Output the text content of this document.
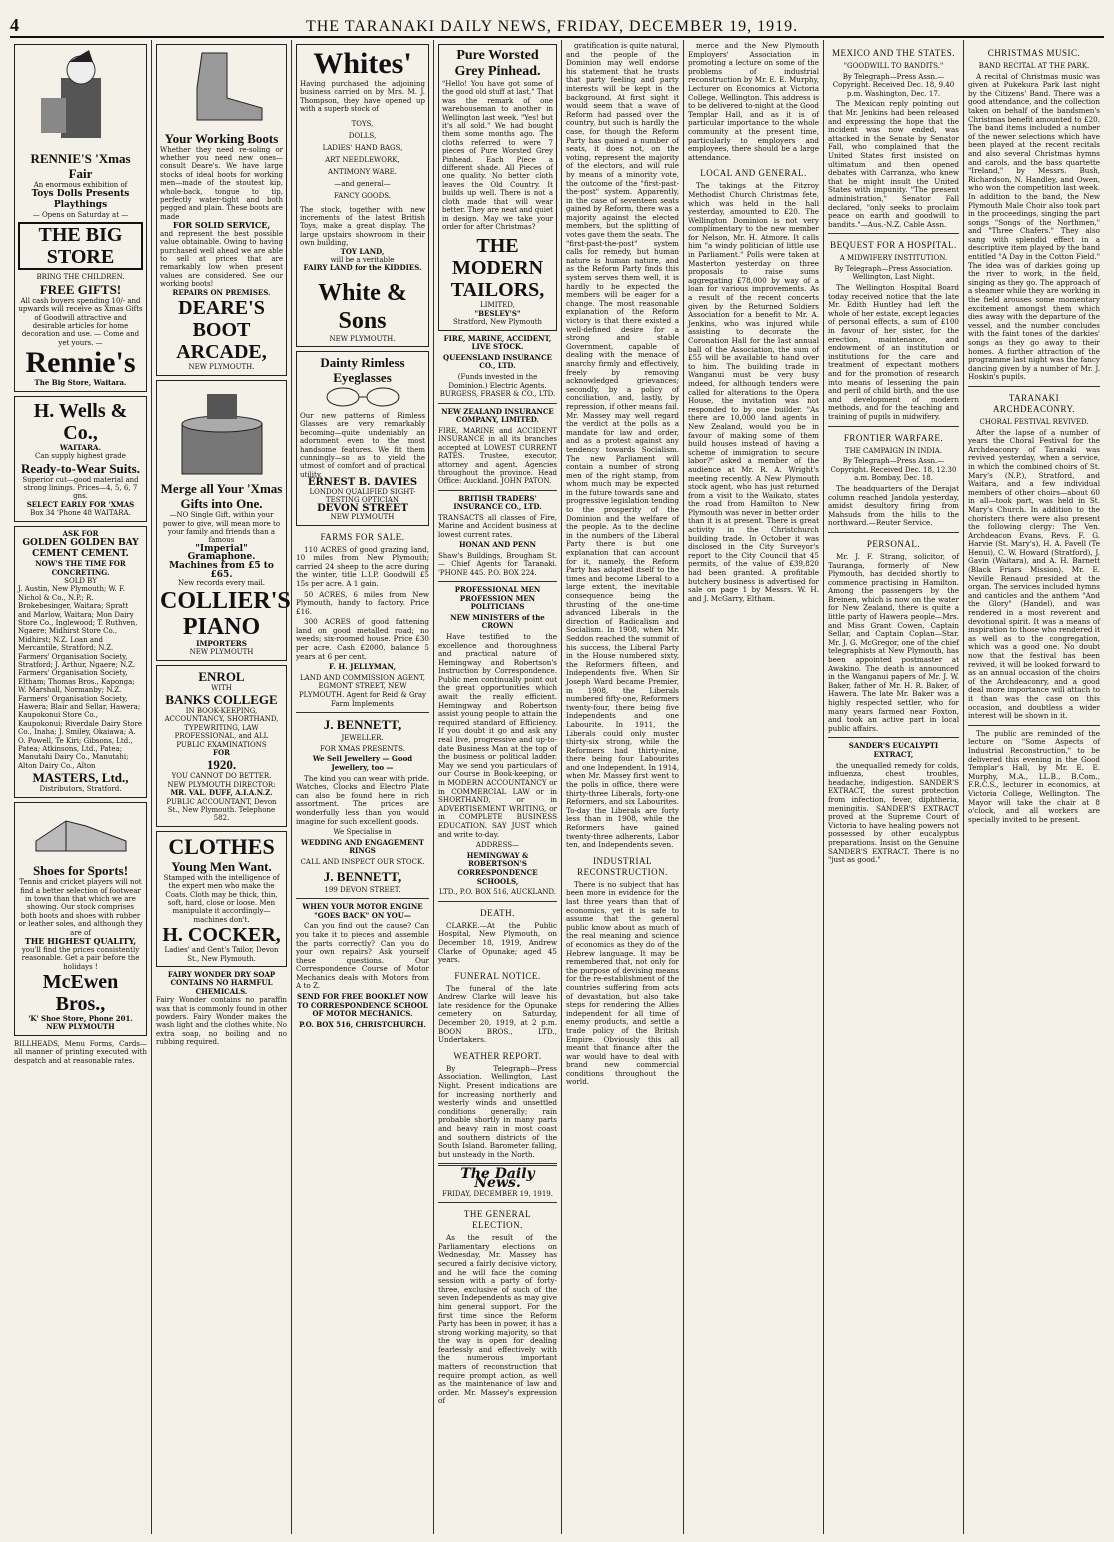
4	THE TARANAKI DAILY NEWS, FRIDAY, DECEMBER 19, 1919.
RENNIE'S 'Xmas Fair
An enormous exhibition of
Toys Dolls Presents Playthings
— Opens on Saturday at —
THE BIG STORE
BRING THE CHILDREN.
FREE GIFTS!
All cash buyers spending 10/- and upwards will receive as Xmas Gifts of Goodwill attractive and desirable articles for home decoration and use. — Come and yet yours. —
Rennie's
The Big Store, Waitara.
H. Wells & Co.,
WAITARA.
Can supply highest grade
Ready-to-Wear Suits.
Superior cut—good material and strong linings. Prices—4, 5, 6, 7 gns.
SELECT EARLY FOR 'XMAS
Box 34 'Phone 48 WAITARA.
ASK FOR
GOLDEN GOLDEN BAY CEMENT CEMENT.
NOW'S THE TIME FOR CONCRETING.
SOLD BY
J. Austin, New Plymouth; W. F. Nichol & Co., N.P.; R. Brokebesinger, Waitara; Spratt and Marlow, Waitara; Mon Dairy Store Co., Inglewood; T. Ruthven, Ngaere; Midhirst Store Co., Midhirst; N.Z. Loan and Mercantile, Stratford; N.Z. Farmers' Organisation Society, Stratford; J. Arthur, Ngaere; N.Z. Farmers' Organisation Society, Eltham; Thomas Bros., Kaponga; W. Marshall, Normanby; N.Z. Farmers' Organisation Society, Hawera; Blair and Sellar, Hawera; Kaupokonui Store Co., Kaupokonui; Riverdale Dairy Store Co., Inaha; J. Smiley, Okaiawa; A. O. Powell, Te Kiri; Gibsons, Ltd., Patea; Atkinsons, Ltd., Patea; Manutahi Dairy Co., Manutahi; Alton Dairy Co., Alton
MASTERS, Ltd.,
Distributors, Stratford.
Shoes for Sports!
Tennis and cricket players will not find a better selection of footwear in town than that which we are showing. Our stock comprises both boots and shoes with rubber or leather soles, and although they are of
THE HIGHEST QUALITY,
you'll find the prices consistently reasonable. Get a pair before the holidays !
McEwen Bros.,
'K' Shoe Store, Phone 201. NEW PLYMOUTH
BILLHEADS, Menu Forms, Cards—all manner of printing executed with despatch and at reasonable rates.
Your Working Boots
Whether they need re-soling or whether you need new ones—consult Deare's. We have large stocks of ideal boots for working men—made of the stoutest kip, whole-back, tongue to tip, perfectly water-tight and both pegged and plain. These boots are made
FOR SOLID SERVICE,
and represent the best possible value obtainable. Owing to having purchased well ahead we are able to sell at prices that are remarkably low when present values are considered. See our working boots!
REPAIRS ON PREMISES.
DEARE'S BOOT ARCADE,
NEW PLYMOUTH.
Merge all Your 'Xmas Gifts into One.
—NO Single Gift, within your power to give, will mean more to your family and friends than a famous
"Imperial" Gramaphone.
Machines from £5 to £65.
New records every mail.
COLLIER'S PIANO
IMPORTERS
NEW PLYMOUTH
ENROL
WITH
BANKS COLLEGE
IN BOOK-KEEPING, ACCOUNTANCY, SHORTHAND, TYPEWRITING, LAW PROFESSIONAL, and ALL PUBLIC EXAMINATIONS
FOR
1920.
YOU CANNOT DO BETTER.
NEW PLYMOUTH DIRECTOR:
MR. VAL. DUFF, A.I.A.N.Z.
PUBLIC ACCOUNTANT, Devon St., New Plymouth. Telephone 582.
CLOTHES
Young Men Want.
Stamped with the intelligence of the expert men who make the Coats. Cloth may be thick, thin, soft, hard, close or loose. Men manipulate it accordingly—machines don't.
H. COCKER,
Ladies' and Gent's Tailor, Devon St., New Plymouth.
FAIRY WONDER DRY SOAP CONTAINS NO HARMFUL CHEMICALS.
Fairy Wonder contains no paraffin wax that is commonly found in other powders. Fairy Wonder makes the wash light and the clothes white. No extra soap, no boiling and no rubbing required.
Whites'
Having purchased the adjoining business carried on by Mrs. M. J. Thompson, they have opened up with a superb stock of
TOYS,
DOLLS,
LADIES' HAND BAGS,
ART NEEDLEWORK,
ANTIMONY WARE.
—and general—
FANCY GOODS.
The stock, together with new increments of the latest British Toys, make a great display. The large upstairs showroom in their own building,
TOY LAND,
will be a veritable
FAIRY LAND for the KIDDIES.
White & Sons
NEW PLYMOUTH.
Dainty Rimless Eyeglasses
Our new patterns of Rimless Glasses are very remarkably becoming—quite undeniably an adornment even to the most handsome features. We fit them cunningly—so as to yield the utmost of comfort and of practical utility.
ERNEST B. DAVIES
LONDON QUALIFIED SIGHT-TESTING OPTICIAN
DEVON STREET
NEW PLYMOUTH
FARMS FOR SALE.

110 ACRES of good grazing land, 10 miles from New Plymouth; carried 24 sheep to the acre during the winter, title L.I.P. Goodwill £5 15s per acre. A 1 gain.

50 ACRES, 6 miles from New Plymouth, handy to factory. Price £16.

300 ACRES of good fattening land on good metalled road; no weeds; six-roomed house. Price £30 per acre. Cash £2000, balance 5 years at 6 per cent.

F. H. JELLYMAN,
LAND AND COMMISSION AGENT, EGMONT STREET, NEW PLYMOUTH. Agent for Reid & Gray Farm Implements
J. BENNETT,
JEWELLER.
FOR XMAS PRESENTS.
We Sell Jewellery — Good Jewellery, too —

The kind you can wear with pride. Watches, Clocks and Electro Plate can also be found here in rich assortment. The prices are wonderfully less than you would imagine for such excellent goods.

We Specialise in
WEDDING AND ENGAGEMENT RINGS
CALL AND INSPECT OUR STOCK.
J. BENNETT,
199 DEVON STREET.
WHEN YOUR MOTOR ENGINE "GOES BACK" ON YOU—

Can you find out the cause? Can you take it to pieces and assemble the parts correctly? Can you do your own repairs? Ask yourself these questions. Our Correspondence Course of Motor Mechanics deals with Motors from A to Z.

SEND FOR FREE BOOKLET NOW TO CORRESPONDENCE SCHOOL OF MOTOR MECHANICS.
P.O. BOX 516, CHRISTCHURCH.
Pure Worsted Grey Pinhead.
"Hello! You have got some of the good old stuff at last," That was the remark of one warehouseman to another in Wellington last week. "Yes! but it's all sold." We had bought them some months ago. The cloths referred to were 7 pieces of Pure Worsted Grey Pinhead. Each Piece a different shade. All Pieces of one quality. No better cloth leaves the Old Country. It builds up well. There is not a cloth made that will wear better. They are neat and quiet in design. May we take your order for after Christmas?
THE MODERN TAILORS,
LIMITED,
"BESLEY'S"
Stratford, New Plymouth
FIRE, MARINE, ACCIDENT, LIVE STOCK.
QUEENSLAND INSURANCE CO., LTD.
(Funds invested in the Dominion.) Electric Agents. BURGESS, FRASER & CO., LTD.
NEW ZEALAND INSURANCE COMPANY, LIMITED.
FIRE, MARINE and ACCIDENT INSURANCE in all its branches accepted at LOWEST CURRENT RATES. Trustee, executor, attorney and agent. Agencies throughout the province. Head Office: Auckland. JOHN PATON.
BRITISH TRADERS' INSURANCE CO., LTD.
TRANSACTS all classes of Fire, Marine and Accident business at lowest current rates.
HONAN AND PENN
Shaw's Buildings, Brougham St. — Chief Agents for Taranaki. 'PHONE 445. P.O. BOX 224.
PROFESSIONAL MEN PROFESSION MEN POLITICIANS
NEW MINISTERS of the CROWN

Have testified to the excellence and thoroughness and practical nature of Hemingway and Robertson's Instruction by Correspondence. Public men continually point out the great opportunities which await the really efficient. Hemingway and Robertson assist young people to attain the required standard of Efficiency. If you doubt it go and ask any real live, progressive and up-to-date Business Man at the top of the business or political ladder. May we send you particulars of our Course in Book-keeping, or in MODERN ACCOUNTANCY or in COMMERCIAL LAW or in SHORTHAND, or in ADVERTISEMENT WRITING, or in COMPLETE BUSINESS EDUCATION. SAY JUST which and write to-day.

ADDRESS—
HEMINGWAY & ROBERTSON'S CORRESPONDENCE SCHOOLS,
LTD., P.O. BOX 516, AUCKLAND.
DEATH.

CLARKE.—At the Public Hospital, New Plymouth, on December 18, 1919, Andrew Clarke of Opunake; aged 45 years.

FUNERAL NOTICE.

The funeral of the late Andrew Clarke will leave his late residence for the Opunake cemetery on Saturday, December 20, 1919, at 2 p.m. BOON BROS., LTD., Undertakers.

WEATHER REPORT.

By Telegraph—Press Association. Wellington, Last Night. Present indications are for increasing northerly and westerly winds and unsettled conditions generally; rain probable shortly in many parts and heavy rain in most coast and southern districts of the South Island. Barometer falling, but unsteady in the North.

The Daily News.
FRIDAY, DECEMBER 19, 1919.
THE GENERAL ELECTION.

As the result of the Parliamentary elections on Wednesday, Mr. Massey has secured a fairly decisive victory, and he will face the coming session with a party of forty-three, exclusive of such of the seven Independents as may give him general support. For the first time since the Reform Party has been in power, it has a strong working majority, so that the way is open for dealing fearlessly and effectively with the numerous important matters of reconstruction that require prompt action, as well as the maintenance of law and order. Mr. Massey's expression of

gratification is quite natural, and the people of the Dominion may well endorse his statement that he trusts that party feeling and party interests will be kept in the background. At first sight it would seem that a wave of Reform had passed over the country, but such is hardly the case, for though the Reform Party has gained a number of seats, it does not, on the voting, represent the majority of the electors, and will rule by means of a minority vote, the outcome of the "first-past-the-post" system. Apparently, in the case of seventeen seats gained by Reform, there was a majority against the elected members, but the splitting of votes gave them the seats. The "first-past-the-post" system calls for remedy, but human nature is human nature, and as the Reform Party finds this system serves them well, it is hardly to be expected the members will be eager for a change. The most reasonable explanation of the Reform victory is that there existed a well-defined desire for a strong and stable Government, capable of dealing with the menace of anarchy firmly and effectively, freely by removing acknowledged grievances; secondly, by a policy of conciliation, and, lastly, by repression, if other means fail. Mr. Massey may well regard the verdict at the polls as a mandate for law and order, and as a protest against any tendency towards Socialism. The new Parliament will contain a number of strong men of the right stamp, from whom much may be expected in the future towards sane and progressive legislation tending to the prosperity of the Dominion and the welfare of the people. As to the decline in the numbers of the Liberal Party there is but one explanation that can account for it, namely, the Reform Party has adapted itself to the times and become Liberal to a large extent, the inevitable consequence being the thrusting of the one-time advanced Liberals in the direction of Radicalism and Socialism. In 1908, when Mr. Seddon reached the summit of his success, the Liberal Party in the House numbered sixty, the Reformers fifteen, and Independents five. When Sir Joseph Ward became Premier, in 1908, the Liberals numbered fifty-one, Reformers twenty-four, there being five Independents and one Labourite. In 1911, the Liberals could only muster thirty-six strong, while the Reformers had thirty-nine, there being four Labourites and one Independent. In 1914, when Mr. Massey first went to the polls in office, there were thirty-three Liberals, forty-one Reformers, and six Labourites. To-day the Liberals are forty less than in 1908, while the Reformers have gained twenty-three adherents, Labor ten, and Independents seven.

INDUSTRIAL RECONSTRUCTION.

There is no subject that has been more in evidence for the last three years than that of economics, yet it is safe to assume that the general public know about as much of the real meaning and science of economics as they do of the Hebrew language. It may be remembered that, not only for the purpose of devising means for the re-establishment of the countries suffering from acts of devastation, but also take steps for rendering the Allies independent for all time of enemy products, and settle a trade policy of the British Empire. Obviously this all meant that finance after the war would have to deal with brand new commercial conditions throughout the world.

merce and the New Plymouth Employers' Association in promoting a lecture on some of the problems of industrial reconstruction by Mr. E. E. Murphy, Lecturer on Economics at Victoria College, Wellington. This address is to be delivered to-night at the Good Templar Hall, and as it is of particular importance to the whole community at the present time, particularly to employers and employees, there should be a large attendance.

LOCAL AND GENERAL.

The takings at the Fitzroy Methodist Church Christmas fete, which was held in the hall yesterday, amounted to £20. The Wellington Dominion is not very complimentary to the new member for Nelson, Mr. H. Atmore. It calls him "a windy politician of little use in Parliament." Polls were taken at Masterton yesterday on three proposals to raise sums aggregating £78,000 by way of a loan for various improvements. As a result of the recent concerts given by the Returned Soldiers Association for a benefit to Mr. A. Jenkins, who was injured while assisting to decorate the Coronation Hall for the last annual ball of the Association, the sum of £55 will be available to hand over to him. The building trade in Wanganui must be very busy indeed, for although tenders were called for alterations to the Opera House, the invitation was not responded to by one builder. "As there are 10,000 land agents in New Zealand, would you be in favour of making some of them build houses instead of having a scheme of immigration to secure labor?" asked a member of the audience at Mr. R. A. Wright's meeting recently. A New Plymouth stock agent, who has just returned from a visit to the Waikato, states the road from Hamilton to New Plymouth was never in better order than it is at present. There is great activity in the Christchurch building trade. In October it was disclosed in the City Surveyor's report to the City Council that 45 permits, of the value of £39,820 had been granted. A profitable butchery business is advertised for sale on page 1 by Messrs. W. H. and J. McGarry, Eltham.

MEXICO AND THE STATES.
"GOODWILL TO BANDITS."
By Telegraph—Press Assn.—Copyright. Received Dec. 18, 9.40 p.m. Washington, Dec. 17.

The Mexican reply pointing out that Mr. Jenkins had been released and expressing the hope that the incident was now ended, was attacked in the Senate by Senator Fall, who complained that the United States first insisted on ultimatum and then opened debates with Carranza, who knew that he might insult the United States with impunity. "The present administration," Senator Fall declared, "only seeks to proclaim peace on earth and goodwill to bandits."—Aus.-N.Z. Cable Assn.

BEQUEST FOR A HOSPITAL.
A MIDWIFERY INSTITUTION.
By Telegraph—Press Association. Wellington, Last Night.

The Wellington Hospital Board today received notice that the late Mr. Edith Huntley had left the whole of her estate, except legacies of personal effects, a sum of £100 in favour of her sister, for the erection, maintenance, and endowment of an institution or institutions for the care and treatment of expectant mothers and for the promotion of research into means of lessening the pain and peril of child birth, and the use and development of modern methods, and for the teaching and training of pupils in midwifery.

FRONTIER WARFARE.
THE CAMPAIGN IN INDIA.
By Telegraph—Press Assn.—Copyright. Received Dec. 18, 12.30 a.m. Bombay, Dec. 18.

The headquarters of the Derajat column reached Jandola yesterday, amidst desultory firing from Mahsuds from the hills to the northward.—Reuter Service.

PERSONAL.

Mr. J. F. Strang, solicitor, of Tauranga, formerly of New Plymouth, has decided shortly to commence practising in Hamilton. Among the passengers by the Breinen, which is now on the water for New Zealand, there is quite a little party of Hawera people—Mrs. and Miss Grant Cowen, Captain Sellar, and Captain Coplan—Star. Mr. J. G. McGregor, one of the chief telegraphists at New Plymouth, has been appointed postmaster at Awakino. The death is announced in the Wanganui papers of Mr. J. W. Baker, father of Mr. H. R. Baker, of Hawera. The late Mr. Baker was a highly respected settler, who for many years farmed near Foxton, and took an active part in local public affairs.

SANDER'S EUCALYPTI EXTRACT,

the unequalled remedy for colds, influenza, chest troubles, headache, indigestion. SANDER'S EXTRACT, the surest protection from infection, fever, diphtheria, meningitis. SANDER'S EXTRACT proved at the Supreme Court of Victoria to have healing powers not possessed by other eucalyptus preparations. Insist on the Genuine SANDER'S EXTRACT. There is no "just as good."

CHRISTMAS MUSIC.
BAND RECITAL AT THE PARK.

A recital of Christmas music was given at Pukekura Park last night by the Citizens' Band. There was a good attendance, and the collection taken on behalf of the bandsmen's Christmas benefit amounted to £20. The band items included a number of the newer selections which have been played at the recent recitals and also several Christmas hymns and carols, and the bass quartette "Ireland," by Messrs. Bush, Richardson, N. Handley, and Owen, who won the competition last week. In addition to the band, the New Plymouth Male Choir also took part in the proceedings, singing the part songs "Songs of the Northmen," and "Three Chafers." They also sang with splendid effect in a descriptive item played by the band entitled "A Day in the Cotton Field." The idea was of darkies going up the river to work, in the field, singing as they go. The approach of a steamer while they are working in the field arouses some momentary excitement amongst them which dies away with the departure of the vessel, and the number concludes with the faint tones of the darkies' songs as they go away to their homes. A further attraction of the programme last night was the fancy dancing given by a number of Mr. J. Hoskin's pupils.

TARANAKI ARCHDEACONRY.
CHORAL FESTIVAL REVIVED.

After the lapse of a number of years the Choral Festival for the Archdeaconry of Taranaki was revived yesterday, when a service, in which the combined choirs of St. Mary's (N.P.), Stratford, and Waitara, and a few individual members of other choirs—about 60 in all—took part, was held in St. Mary's Church. In addition to the choristers there were also present the following clergy: The Ven. Archdeacon Evans, Revs. F. G. Harvie (St. Mary's), H. A. Favell (Te Henui), C. W. Howard (Stratford), J. Gavin (Waitara), and A. H. Barnett (Black Friars Mission). Mr. E. Neville Renaud presided at the organ. The services included hymns and canticles and the anthem "And the Glory" (Handel), and was rendered in a most reverent and devotional spirit. It was a means of inspiration to those who rendered it as well as to the congregation, which was a good one. No doubt now that the festival has been revived, it will be looked forward to as an annual occasion of the choirs of the Archdeaconry, and a good deal more importance will attach to it than was the case on this occasion, and doubtless a wider interest will be shown in it.

The public are reminded of the lecture on "Some Aspects of Industrial Reconstruction," to be delivered this evening in the Good Templar's Hall, by Mr. E. E. Murphy, M.A., LL.B., B.Com., F.R.C.S., lecturer in economics, at Victoria College, Wellington. The Mayor will take the chair at 8 o'clock, and all workers are specially invited to be present.
